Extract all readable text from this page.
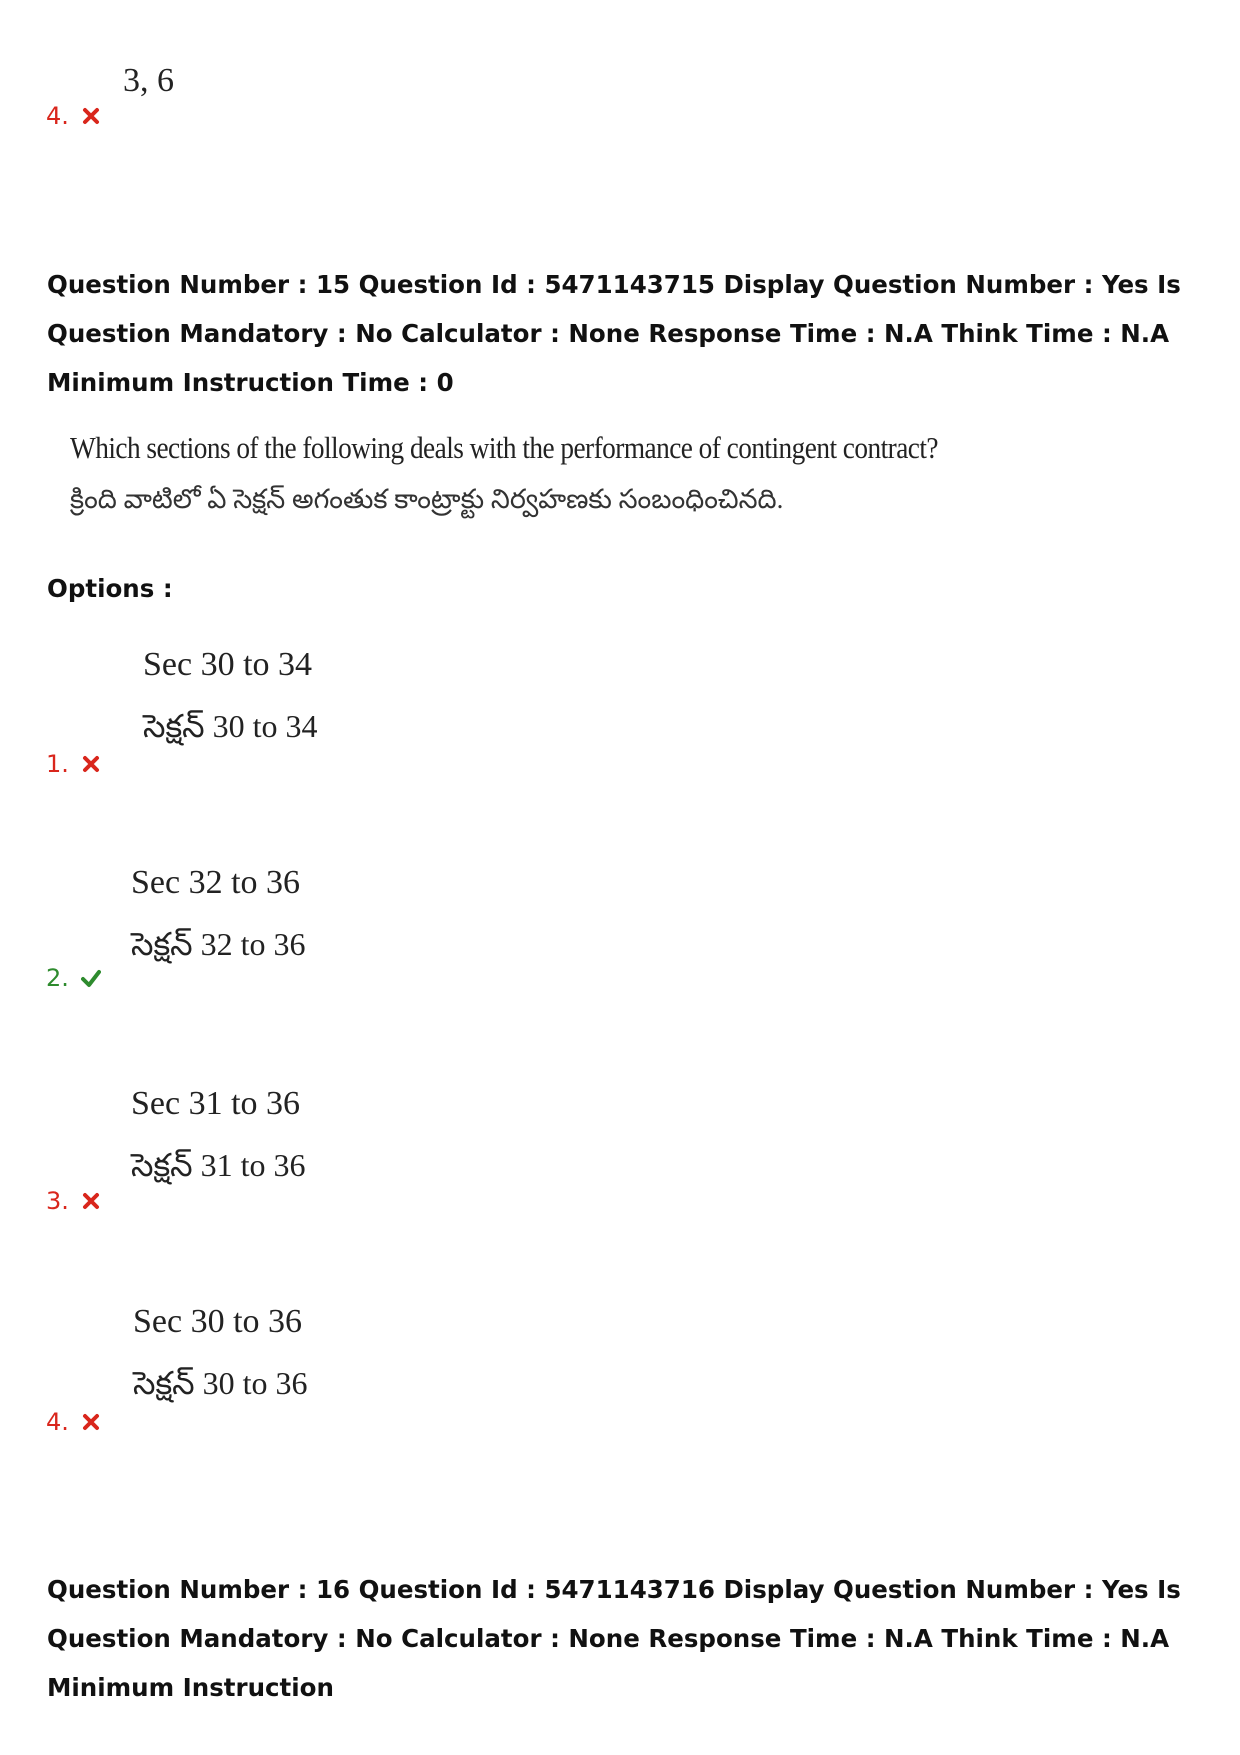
3, 6
4.
Question Number : 15 Question Id : 5471143715 Display Question Number : Yes Is Question Mandatory : No Calculator : None Response Time : N.A Think Time : N.A Minimum Instruction Time : 0
Which sections of the following deals with the performance of contingent contract?
క్రింది వాటిలో ఏ సెక్షన్ అగంతుక కాంట్రాక్టు నిర్వహణకు సంబంధించినది.
Options :
Sec 30 to 34
సెక్షన్ 30 to 34
1.
Sec 32 to 36
సెక్షన్ 32 to 36
2.
Sec 31 to 36
సెక్షన్ 31 to 36
3.
Sec 30 to 36
సెక్షన్ 30 to 36
4.
Question Number : 16 Question Id : 5471143716 Display Question Number : Yes Is Question Mandatory : No Calculator : None Response Time : N.A Think Time : N.A Minimum Instruction
